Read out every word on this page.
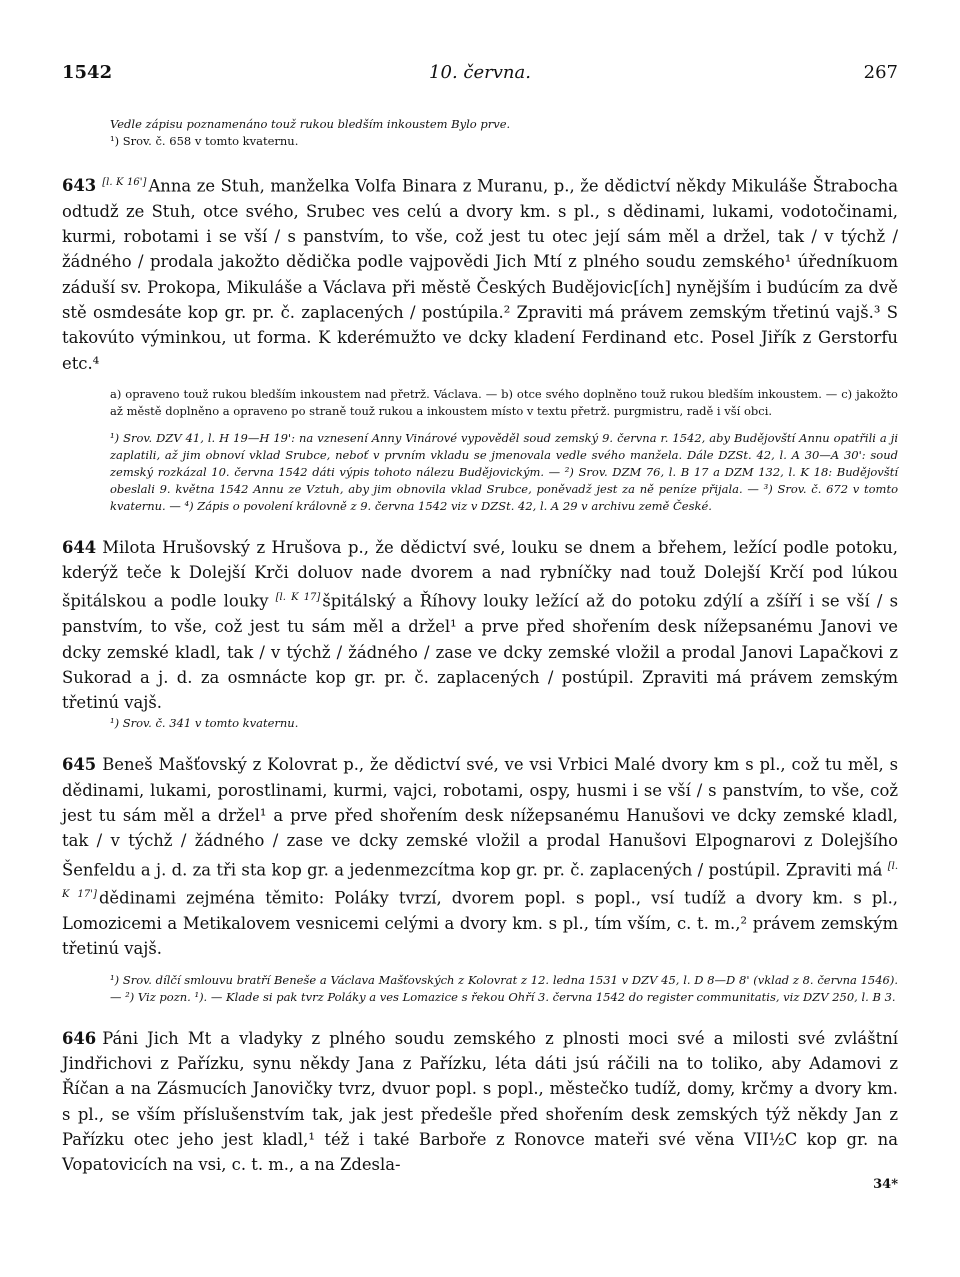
1542	10. června.	267

Vedle zápisu poznamenáno touž rukou bledším inkoustem Bylo prve.

¹) Srov. č. 658 v tomto kvaternu.

643 [l. K 16'] Anna ze Stuh, manželka Volfa Binara z Muranu, p., že dědictví někdy Mikuláše Štrabocha odtudž ze Stuh, otce svého, Srubec ves celú a dvory km. s pl., s dědinami, lukami, vodotočinami, kurmi, robotami i se vší / s panstvím, to vše, což jest tu otec její sám měl a držel, tak / v týchž / žádného / prodala jakožto dědička podle vajpovědi Jich Mtí z plného soudu zemského¹ úředníkuom záduší sv. Prokopa, Mikuláše a Václava při městě Českých Budějovic[ích] nynějším i budúcím za dvě stě osmdesáte kop gr. pr. č. zaplacených / postúpila.² Zpraviti má právem zemským třetinú vajš.³ S takovúto výminkou, ut forma. K kderémužto ve dcky kladení Ferdinand etc. Posel Jiřík z Gerstorfu etc.⁴

a) opraveno touž rukou bledším inkoustem nad přetrž. Václava. — b) otce svého doplněno touž rukou bledším inkoustem. — c) jakožto až městě doplněno a opraveno po straně touž rukou a inkoustem místo v textu přetrž. purgmistru, radě i vší obci.

¹) Srov. DZV 41, l. H 19—H 19': na vznesení Anny Vinárové vypověděl soud zemský 9. června r. 1542, aby Budějovští Annu opatřili a ji zaplatili, až jim obnoví vklad Srubce, neboť v prvním vkladu se jmenovala vedle svého manžela. Dále DZSt. 42, l. A 30—A 30': soud zemský rozkázal 10. června 1542 dáti výpis tohoto nálezu Budějovickým. — ²) Srov. DZM 76, l. B 17 a DZM 132, l. K 18: Budějovští obeslali 9. května 1542 Annu ze Vztuh, aby jim obnovila vklad Srubce, poněvadž jest za ně peníze přijala. — ³) Srov. č. 672 v tomto kvaternu. — ⁴) Zápis o povolení královně z 9. června 1542 viz v DZSt. 42, l. A 29 v archivu země České.

644 Milota Hrušovský z Hrušova p., že dědictví své, louku se dnem a břehem, ležící podle potoku, kderýž teče k Dolejší Krči doluov nade dvorem a nad rybníčky nad touž Dolejší Krčí pod lúkou špitálskou a podle louky [l. K 17] špitálský a Říhovy louky ležící až do potoku zdýlí a zšíří i se vší / s panstvím, to vše, což jest tu sám měl a držel¹ a prve před shořením desk nížepsanému Janovi ve dcky zemské kladl, tak / v týchž / žádného / zase ve dcky zemské vložil a prodal Janovi Lapačkovi z Sukorad a j. d. za osmnácte kop gr. pr. č. zaplacených / postúpil. Zpraviti má právem zemským třetinú vajš.

¹) Srov. č. 341 v tomto kvaternu.

645 Beneš Mašťovský z Kolovrat p., že dědictví své, ve vsi Vrbici Malé dvory km s pl., což tu měl, s dědinami, lukami, porostlinami, kurmi, vajci, robotami, ospy, husmi i se vší / s panstvím, to vše, což jest tu sám měl a držel¹ a prve před shořením desk nížepsanému Hanušovi ve dcky zemské kladl, tak / v týchž / žádného / zase ve dcky zemské vložil a prodal Hanušovi Elpognarovi z Dolejšího Šenfeldu a j. d. za tři sta kop gr. a jedenmezcítma kop gr. pr. č. zaplacených / postúpil. Zpraviti má [l. K 17'] dědinami zejména těmito: Poláky tvrzí, dvorem popl. s popl., vsí tudíž a dvory km. s pl., Lomozicemi a Metikalovem vesnicemi celými a dvory km. s pl., tím vším, c. t. m.,² právem zemským třetinú vajš.

¹) Srov. dílčí smlouvu bratří Beneše a Václava Mašťovských z Kolovrat z 12. ledna 1531 v DZV 45, l. D 8—D 8' (vklad z 8. června 1546). — ²) Viz pozn. ¹). — Klade si pak tvrz Poláky a ves Lomazice s řekou Ohří 3. června 1542 do register communitatis, viz DZV 250, l. B 3.

646 Páni Jich Mt a vladyky z plného soudu zemského z plnosti moci své a milosti své zvláštní Jindřichovi z Pařízku, synu někdy Jana z Pařízku, léta dáti jsú ráčili na to toliko, aby Adamovi z Říčan a na Zásmucích Janovičky tvrz, dvuor popl. s popl., městečko tudíž, domy, krčmy a dvory km. s pl., se vším příslušenstvím tak, jak jest předešle před shořením desk zemských týž někdy Jan z Pařízku otec jeho jest kladl,¹ též i také Barboře z Ronovce mateři své věna VII½C kop gr. na Vopatovicích na vsi, c. t. m., a na Zdesla-

34*
